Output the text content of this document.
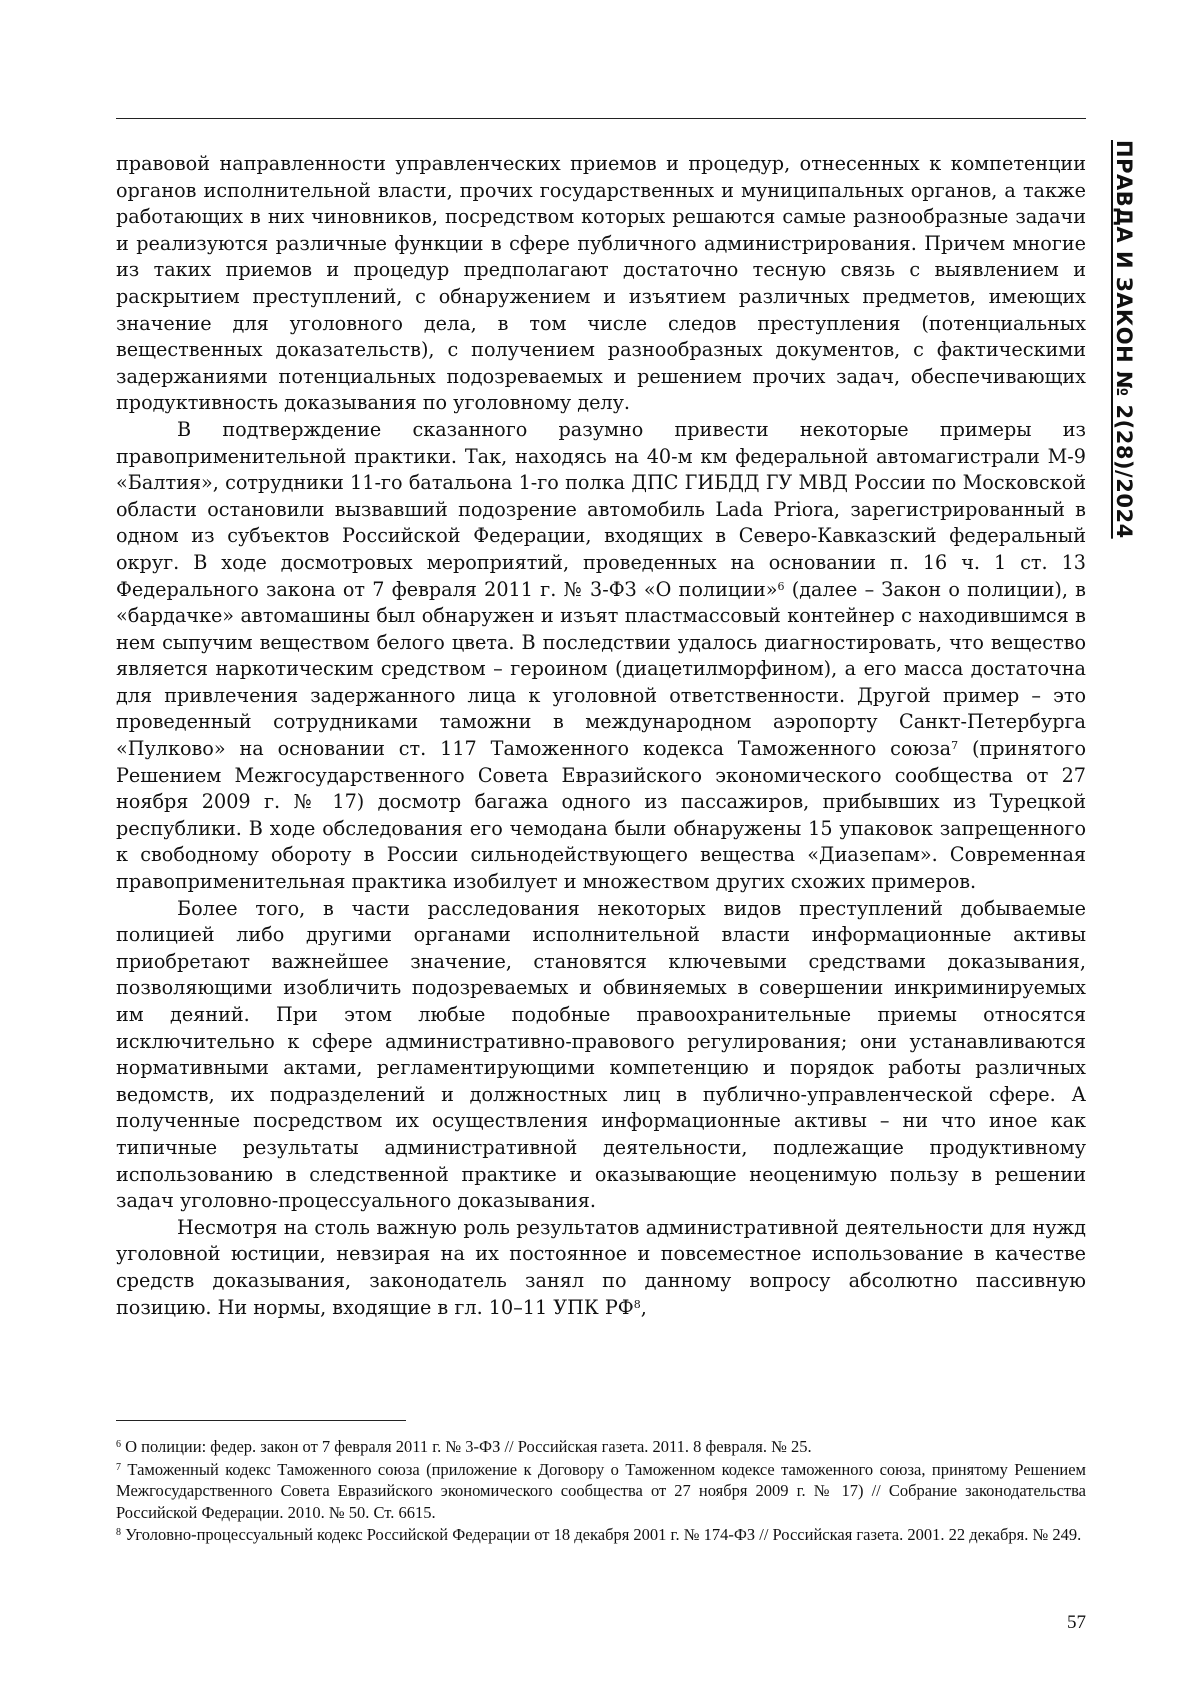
ПРАВДА И ЗАКОН № 2(28)/2024

правовой направленности управленческих приемов и процедур, отнесенных к компетенции органов исполнительной власти, прочих государственных и муниципальных органов, а также работающих в них чиновников, посредством которых решаются самые разнообразные задачи и реализуются различные функции в сфере публичного администрирования. Причем многие из таких приемов и процедур предполагают достаточно тесную связь с выявлением и раскрытием преступлений, с обнаружением и изъятием различных предметов, имеющих значение для уголовного дела, в том числе следов преступления (потенциальных вещественных доказательств), с получением разнообразных документов, с фактическими задержаниями потенциальных подозреваемых и решением прочих задач, обеспечивающих продуктивность доказывания по уголовному делу.

В подтверждение сказанного разумно привести некоторые примеры из правоприменительной практики. Так, находясь на 40-м км федеральной автомагистрали М-9 «Балтия», сотрудники 11-го батальона 1-го полка ДПС ГИБДД ГУ МВД России по Московской области остановили вызвавший подозрение автомобиль Lada Priora, зарегистрированный в одном из субъектов Российской Федерации, входящих в Северо-Кавказский федеральный округ. В ходе досмотровых мероприятий, проведенных на основании п. 16 ч. 1 ст. 13 Федерального закона от 7 февраля 2011 г. № 3-ФЗ «О полиции»$^6$ (далее – Закон о полиции), в «бардачке» автомашины был обнаружен и изъят пластмассовый контейнер с находившимся в нем сыпучим веществом белого цвета. В последствии удалось диагностировать, что вещество является наркотическим средством – героином (диацетилморфином), а его масса достаточна для привлечения задержанного лица к уголовной ответственности. Другой пример – это проведенный сотрудниками таможни в международном аэропорту Санкт-Петербурга «Пулково» на основании ст. 117 Таможенного кодекса Таможенного союза$^7$ (принятого Решением Межгосударственного Совета Евразийского экономического сообщества от 27 ноября 2009 г. № 17) досмотр багажа одного из пассажиров, прибывших из Турецкой республики. В ходе обследования его чемодана были обнаружены 15 упаковок запрещенного к свободному обороту в России сильнодействующего вещества «Диазепам». Современная правоприменительная практика изобилует и множеством других схожих примеров.

Более того, в части расследования некоторых видов преступлений добываемые полицией либо другими органами исполнительной власти информационные активы приобретают важнейшее значение, становятся ключевыми средствами доказывания, позволяющими изобличить подозреваемых и обвиняемых в совершении инкриминируемых им деяний. При этом любые подобные правоохранительные приемы относятся исключительно к сфере административно-правового регулирования; они устанавливаются нормативными актами, регламентирующими компетенцию и порядок работы различных ведомств, их подразделений и должностных лиц в публично-управленческой сфере. А полученные посредством их осуществления информационные активы – ни что иное как типичные результаты административной деятельности, подлежащие продуктивному использованию в следственной практике и оказывающие неоценимую пользу в решении задач уголовно-процессуального доказывания.

Несмотря на столь важную роль результатов административной деятельности для нужд уголовной юстиции, невзирая на их постоянное и повсеместное использование в качестве средств доказывания, законодатель занял по данному вопросу абсолютно пассивную позицию. Ни нормы, входящие в гл. 10–11 УПК $РФ^8$,

$^6$ О полиции: федер. закон от 7 февраля 2011 г. № 3-ФЗ // Российская газета. 2011. 8 февраля. № 25.

$^7$ Таможенный кодекс Таможенного союза (приложение к Договору о Таможенном кодексе таможенного союза, принятому Решением Межгосударственного Совета Евразийского экономического сообщества от 27 ноября 2009 г. № 17) // Собрание законодательства Российской Федерации. 2010. № 50. Ст. 6615.

$^8$ Уголовно-процессуальный кодекс Российской Федерации от 18 декабря 2001 г. № 174-ФЗ // Российская газета. 2001. 22 декабря. № 249.

57
